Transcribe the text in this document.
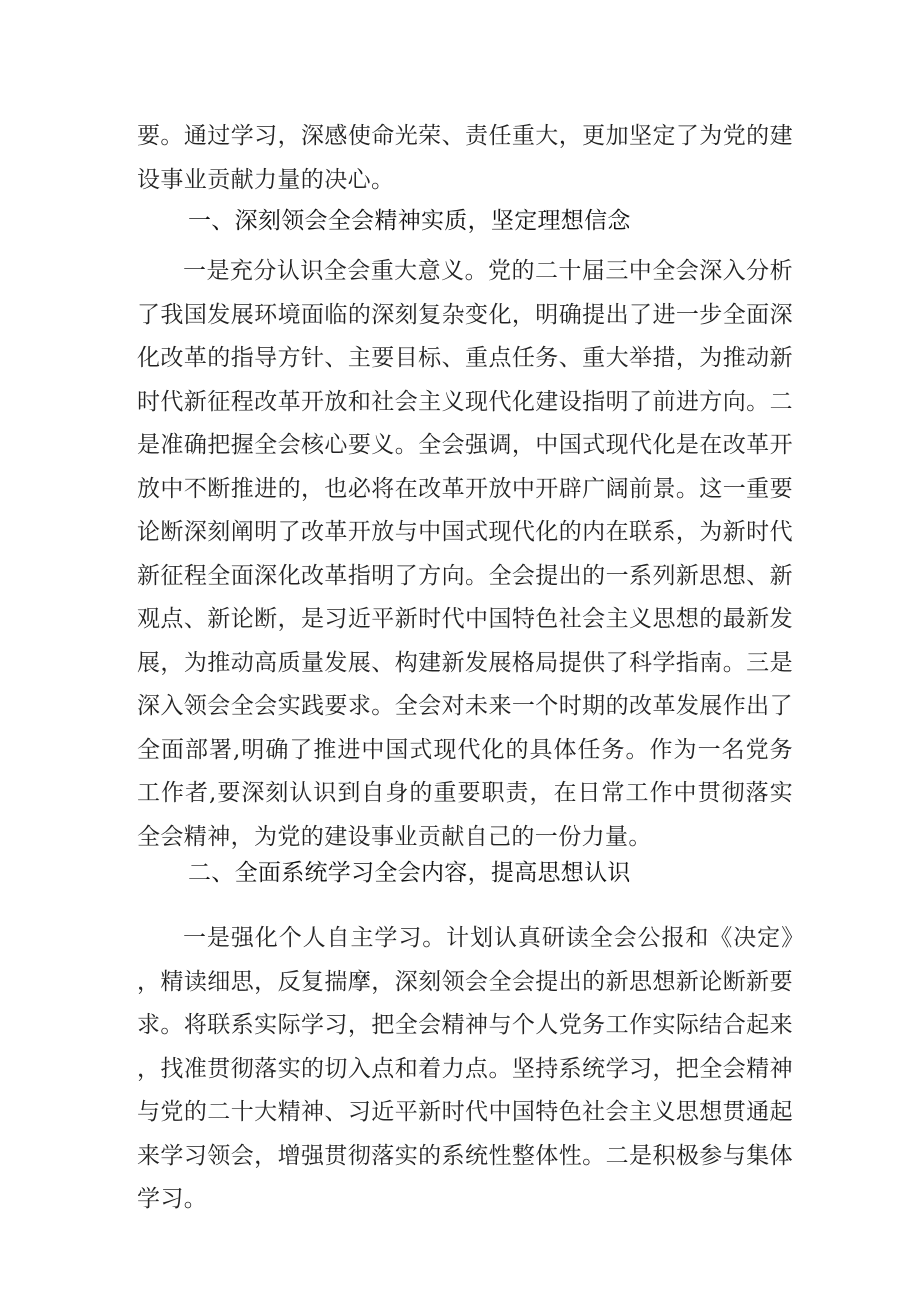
要。通过学习，深感使命光荣、责任重大，更加坚定了为党的建设事业贡献力量的决心。

一、深刻领会全会精神实质，坚定理想信念

一是充分认识全会重大意义。党的二十届三中全会深入分析了我国发展环境面临的深刻复杂变化，明确提出了进一步全面深化改革的指导方针、主要目标、重点任务、重大举措，为推动新时代新征程改革开放和社会主义现代化建设指明了前进方向。二是准确把握全会核心要义。全会强调，中国式现代化是在改革开放中不断推进的，也必将在改革开放中开辟广阔前景。这一重要论断深刻阐明了改革开放与中国式现代化的内在联系，为新时代新征程全面深化改革指明了方向。全会提出的一系列新思想、新观点、新论断，是习近平新时代中国特色社会主义思想的最新发展，为推动高质量发展、构建新发展格局提供了科学指南。三是深入领会全会实践要求。全会对未来一个时期的改革发展作出了全面部署,明确了推进中国式现代化的具体任务。作为一名党务工作者,要深刻认识到自身的重要职责，在日常工作中贯彻落实全会精神，为党的建设事业贡献自己的一份力量。

二、全面系统学习全会内容，提高思想认识

一是强化个人自主学习。计划认真研读全会公报和《决定》，精读细思，反复揣摩，深刻领会全会提出的新思想新论断新要求。将联系实际学习，把全会精神与个人党务工作实际结合起来，找准贯彻落实的切入点和着力点。坚持系统学习，把全会精神与党的二十大精神、习近平新时代中国特色社会主义思想贯通起来学习领会，增强贯彻落实的系统性整体性。二是积极参与集体学习。
